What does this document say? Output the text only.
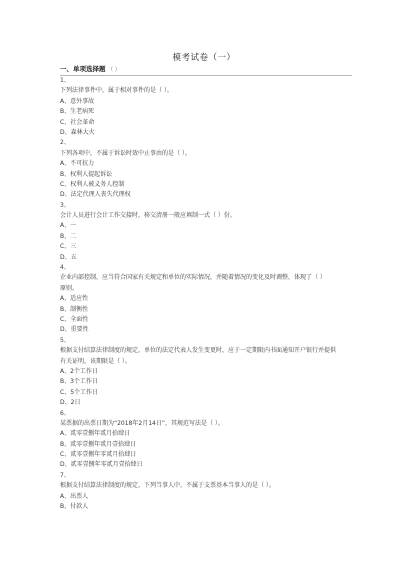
模考试卷（一）
一、单项选择题 （ ）
1、
下列法律事件中，属于相对事件的是（ ）。
A、意外事故
B、生老病死
C、社会革命
D、森林大火
2、
下列各项中，不属于诉讼时效中止事由的是（ ）。
A、不可抗力
B、权利人提起诉讼
C、权利人被义务人控制
D、法定代理人丧失代理权
3、
会计人员进行会计工作交接时，移交清册一般应填制一式（ ）份。
A、一
B、二
C、三
D、五
4、
企业内部控制，应当符合国家有关规定和单位的实际情况，并随着情况的变化及时调整，体现了（ ）
原则。
A、适应性
B、制衡性
C、全面性
D、重要性
5、
根据支付结算法律制度的规定，单位的法定代表人发生变更时，应于一定期限内书面通知开户银行并提供
有关证明，该期限是（ ）。
A、2个工作日
B、3个工作日
C、5个工作日
D、2日
6、
某票据的出票日期为“2018年2月14日”，其规范写法是（ ）。
A、贰零壹捌年贰月拾肆日
B、贰零壹捌年贰月壹拾肆日
C、贰零壹捌年零贰月拾肆日
D、贰零壹捌年零贰月壹拾肆日
7、
根据支付结算法律制度的规定，下列当事人中，不属于支票基本当事人的是（ ）。
A、出票人
B、付款人
